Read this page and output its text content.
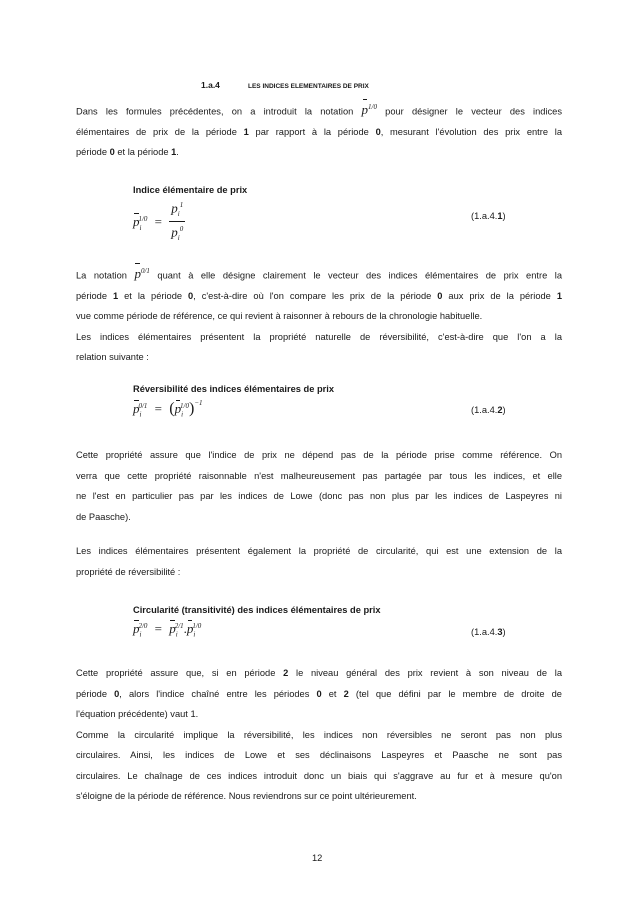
1.a.4	LES INDICES ELEMENTAIRES DE PRIX
Dans les formules précédentes, on a introduit la notation $p^{1/0}$ pour désigner le vecteur des indices
élémentaires de prix de la période 1 par rapport à la période 0, mesurant l'évolution des prix entre la
période 0 et la période 1.
Indice élémentaire de prix
$p_i^{1/0} = \frac{p_i^1}{p_i^0}$	(1.a.4.1)
La notation $p^{0/1}$ quant à elle désigne clairement le vecteur des indices élémentaires de prix entre la
période 1 et la période 0, c'est-à-dire où l'on compare les prix de la période 0 aux prix de la période 1
vue comme période de référence, ce qui revient à raisonner à rebours de la chronologie habituelle.
Les indices élémentaires présentent la propriété naturelle de réversibilité, c'est-à-dire que l'on a la
relation suivante :
Réversibilité des indices élémentaires de prix
$p_i^{0/1} = (p_i^{1/0})^{-1}$
(1.a.4.2)
Cette propriété assure que l'indice de prix ne dépend pas de la période prise comme référence. On
verra que cette propriété raisonnable n'est malheureusement pas partagée par tous les indices, et elle
ne l'est en particulier pas par les indices de Lowe (donc pas non plus par les indices de Laspeyres ni
de Paasche).
Les indices élémentaires présentent également la propriété de circularité, qui est une extension de la
propriété de réversibilité :
Circularité (transitivité) des indices élémentaires de prix
$p_i^{2/0} = p_i^{2/1}.p_i^{1/0}$
(1.a.4.3)
Cette propriété assure que, si en période 2 le niveau général des prix revient à son niveau de la
période 0, alors l'indice chaîné entre les périodes 0 et 2 (tel que défini par le membre de droite de
l'équation précédente) vaut 1.
Comme la circularité implique la réversibilité, les indices non réversibles ne seront pas non plus
circulaires. Ainsi, les indices de Lowe et ses déclinaisons Laspeyres et Paasche ne sont pas
circulaires. Le chaînage de ces indices introduit donc un biais qui s'aggrave au fur et à mesure qu'on
s'éloigne de la période de référence. Nous reviendrons sur ce point ultérieurement.
12
